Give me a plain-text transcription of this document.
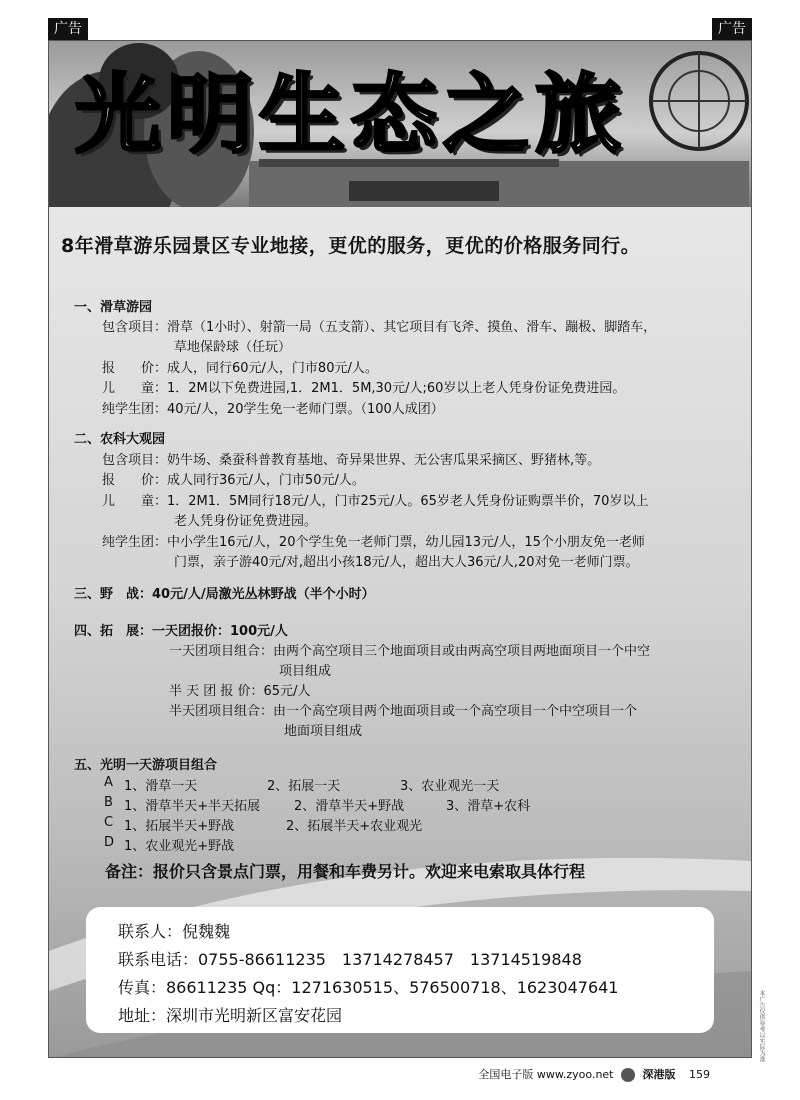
广告	广告
光明生态之旅
8年滑草游乐园景区专业地接，更优的服务，更优的价格服务同行。
一、滑草游园
包含项目：滑草（1小时）、射箭一局（五支箭）、其它项目有飞斧、摸鱼、滑车、蹦极、脚踏车，
草地保龄球（任玩）
报　　价：成人，同行60元/人，门市80元/人。
儿　　童：1．2M以下免费进园,1．2M1．5M,30元/人;60岁以上老人凭身份证免费进园。
纯学生团：40元/人，20学生免一老师门票。（100人成团）
二、农科大观园
包含项目：奶牛场、桑蚕科普教育基地、奇异果世界、无公害瓜果采摘区、野猪林,等。
报　　价：成人同行36元/人，门市50元/人。
儿　　童：1．2M1．5M同行18元/人，门市25元/人。65岁老人凭身份证购票半价，70岁以上
老人凭身份证免费进园。
纯学生团：中小学生16元/人，20个学生免一老师门票，幼儿园13元/人，15个小朋友免一老师
门票，亲子游40元/对,超出小孩18元/人，超出大人36元/人,20对免一老师门票。
三、野　战：40元/人/局激光丛林野战（半个小时）
四、拓　展：一天团报价：100元/人
一天团项目组合：由两个高空项目三个地面项目或由两高空项目两地面项目一个中空
项目组成
半 天 团 报 价：65元/人
半天团项目组合：由一个高空项目两个地面项目或一个高空项目一个中空项目一个
地面项目组成
五、光明一天游项目组合
A 1、滑草一天	2、拓展一天	3、农业观光一天
B 1、滑草半天+半天拓展	2、滑草半天+野战	3、滑草+农科
C 1、拓展半天+野战	2、拓展半天+农业观光
D 1、农业观光+野战
备注：报价只含景点门票，用餐和车费另计。欢迎来电索取具体行程
联系人：倪魏魏
联系电话：0755-86611235　13714278457　13714519848
传真：86611235 Qq：1271630515、576500718、1623047641
地址：深圳市光明新区富安花园	本广告仅供参考以实际为准
全国电子版 www.zyoo.net	深港版 159
